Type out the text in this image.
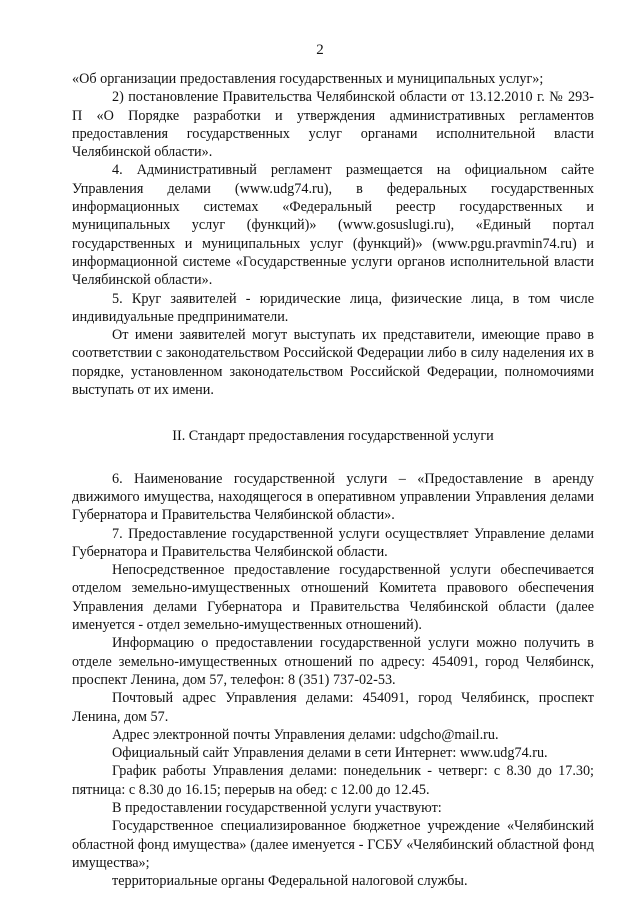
2

«Об организации предоставления государственных и муниципальных услуг»;

2) постановление Правительства Челябинской области от 13.12.2010 г. № 293-П «О Порядке разработки и утверждения административных регламентов предоставления государственных услуг органами исполнительной власти Челябинской области».

4. Административный регламент размещается на официальном сайте Управления делами (www.udg74.ru), в федеральных государственных информационных системах «Федеральный реестр государственных и муниципальных услуг (функций)» (www.gosuslugi.ru), «Единый портал государственных и муниципальных услуг (функций)» (www.pgu.pravmin74.ru) и информационной системе «Государственные услуги органов исполнительной власти Челябинской области».

5. Круг заявителей - юридические лица, физические лица, в том числе индивидуальные предприниматели.

От имени заявителей могут выступать их представители, имеющие право в соответствии с законодательством Российской Федерации либо в силу наделения их в порядке, установленном законодательством Российской Федерации, полномочиями выступать от их имени.

II. Стандарт предоставления государственной услуги

6. Наименование государственной услуги – «Предоставление в аренду движимого имущества, находящегося в оперативном управлении Управления делами Губернатора и Правительства Челябинской области».

7. Предоставление государственной услуги осуществляет Управление делами Губернатора и Правительства Челябинской области.

Непосредственное предоставление государственной услуги обеспечивается отделом земельно-имущественных отношений Комитета правового обеспечения Управления делами Губернатора и Правительства Челябинской области (далее именуется - отдел земельно-имущественных отношений).

Информацию о предоставлении государственной услуги можно получить в отделе земельно-имущественных отношений по адресу: 454091, город Челябинск, проспект Ленина, дом 57, телефон: 8 (351) 737-02-53.

Почтовый адрес Управления делами: 454091, город Челябинск, проспект Ленина, дом 57.

Адрес электронной почты Управления делами: udgcho@mail.ru.

Официальный сайт Управления делами в сети Интернет: www.udg74.ru.

График работы Управления делами: понедельник - четверг: с 8.30 до 17.30; пятница: с 8.30 до 16.15; перерыв на обед: с 12.00 до 12.45.

В предоставлении государственной услуги участвуют:

Государственное специализированное бюджетное учреждение «Челябинский областной фонд имущества» (далее именуется - ГСБУ «Челябинский областной фонд имущества»;

территориальные органы Федеральной налоговой службы.
